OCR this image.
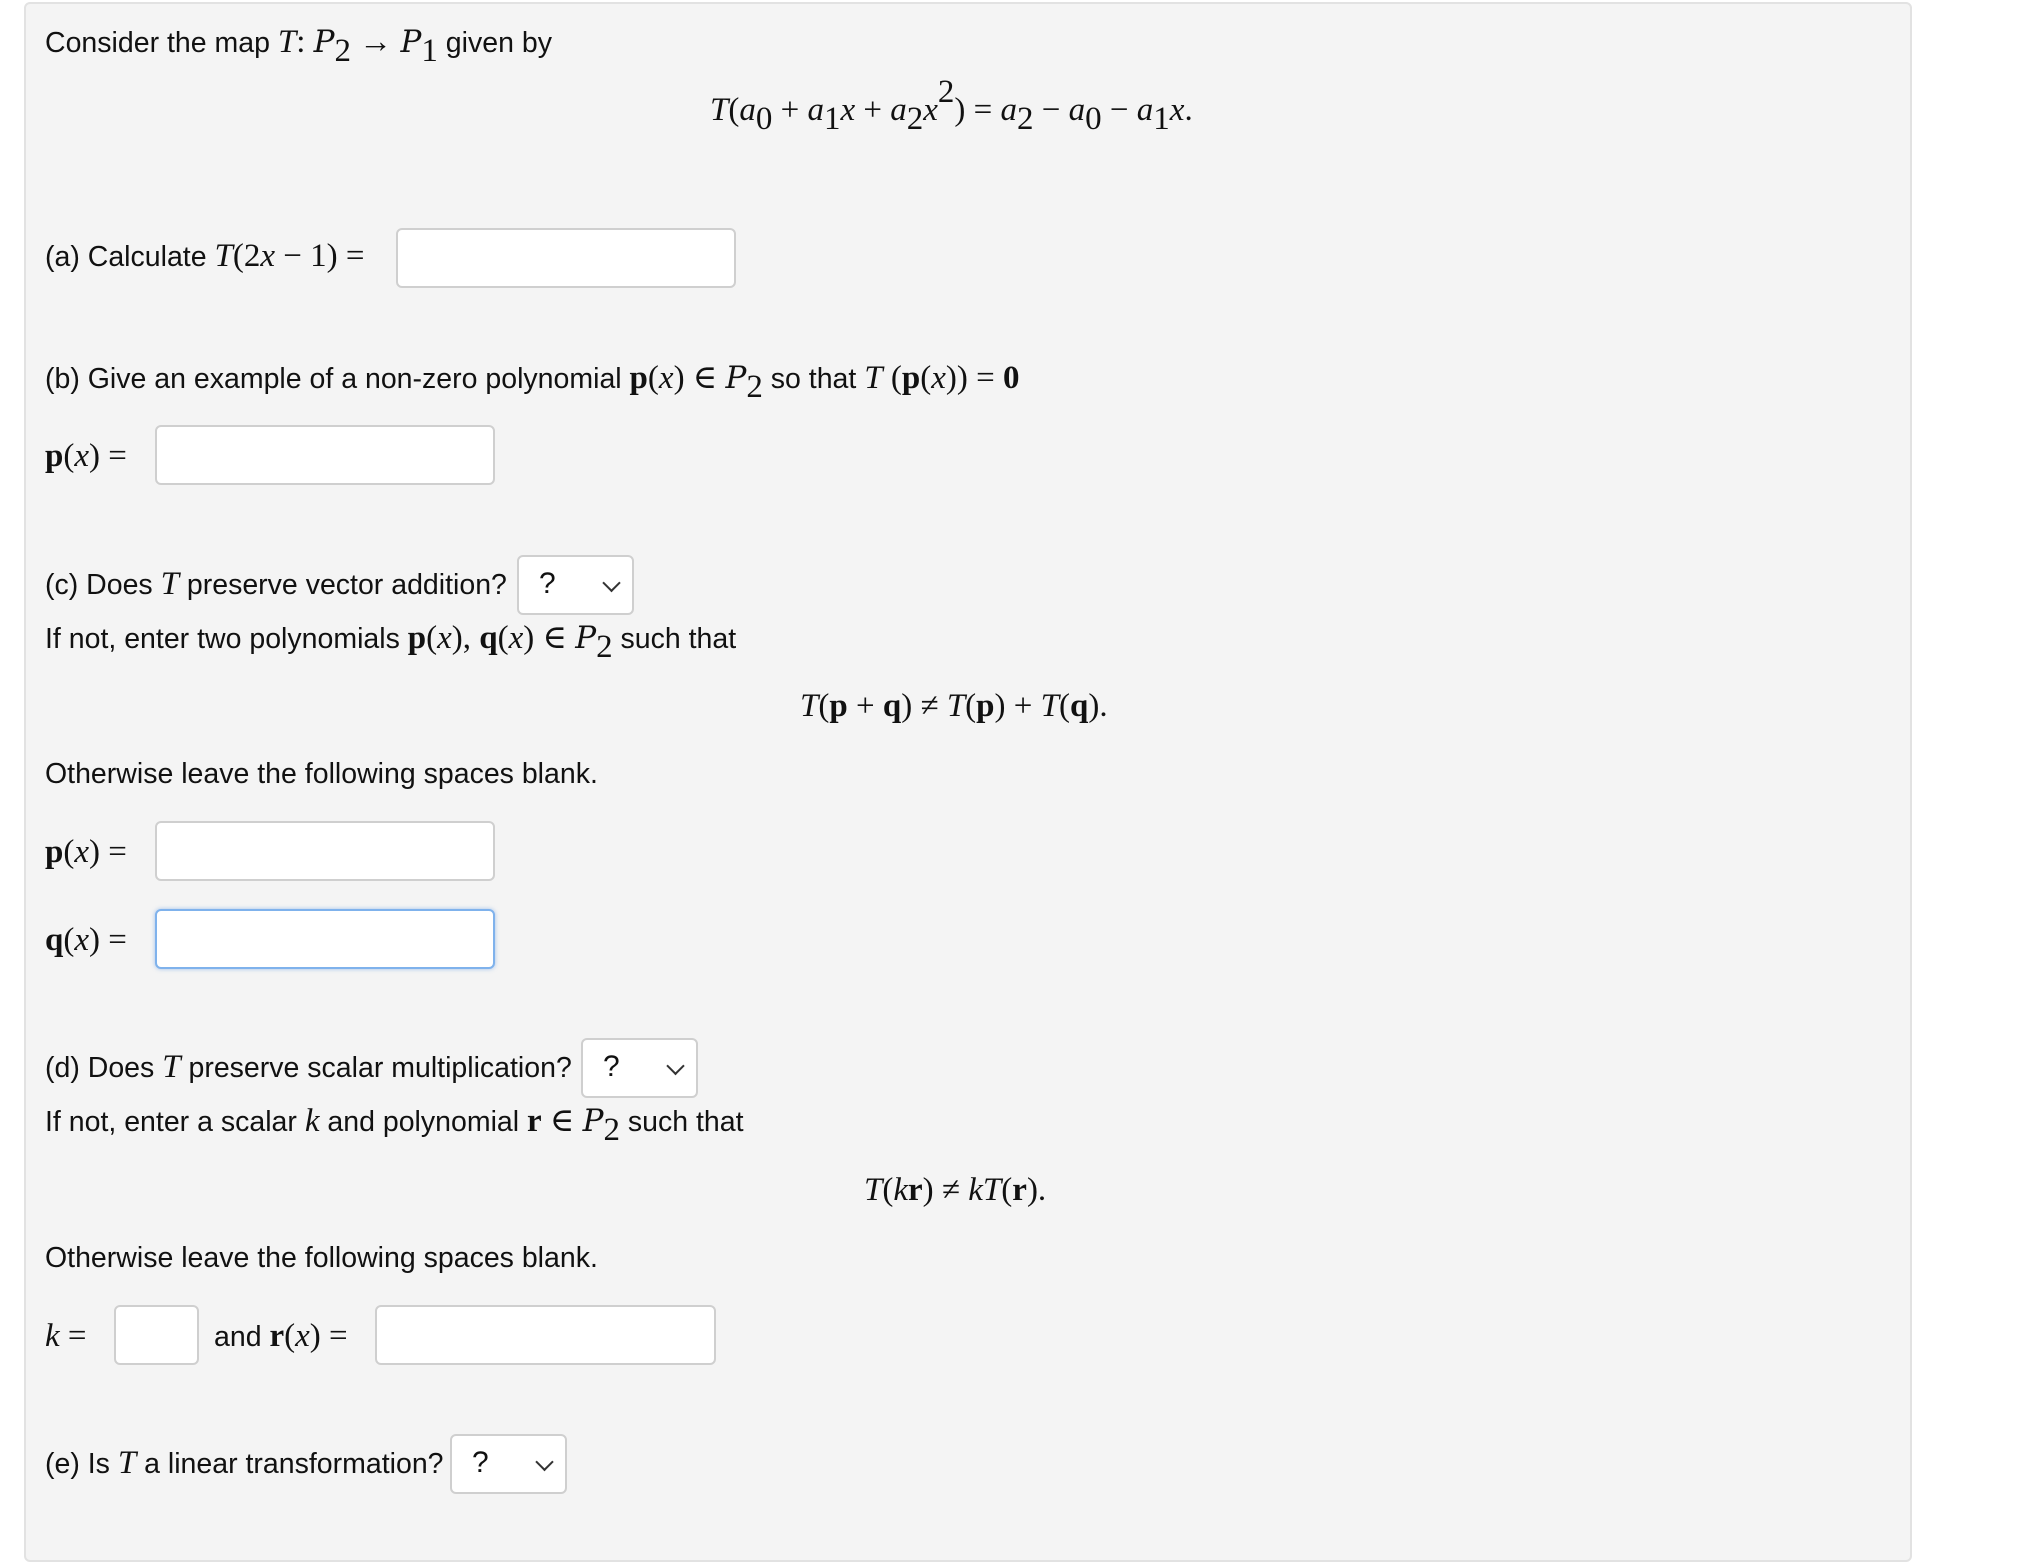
Consider the map T: $P_2 \to P_1$ given by
$T(a_0 + a_1x + a_2x^2) = a_2 - a_0 - a_1x$.
(a) Calculate T(2x − 1) =
(b) Give an example of a non-zero polynomial p(x) ∈ $P_2$ so that T (p(x)) = 0
p(x) =
(c) Does T preserve vector addition? ?
If not, enter two polynomials p(x), q(x) ∈ $P_2$ such that
T(p + q) ≠ T(p) + T(q).
Otherwise leave the following spaces blank.
p(x) =
q(x) =
(d) Does T preserve scalar multiplication? ?
If not, enter a scalar k and polynomial r ∈ $P_2$ such that
T(kr) ≠ kT(r).
Otherwise leave the following spaces blank.
k =	and r(x) =
(e) Is T a linear transformation? ?
